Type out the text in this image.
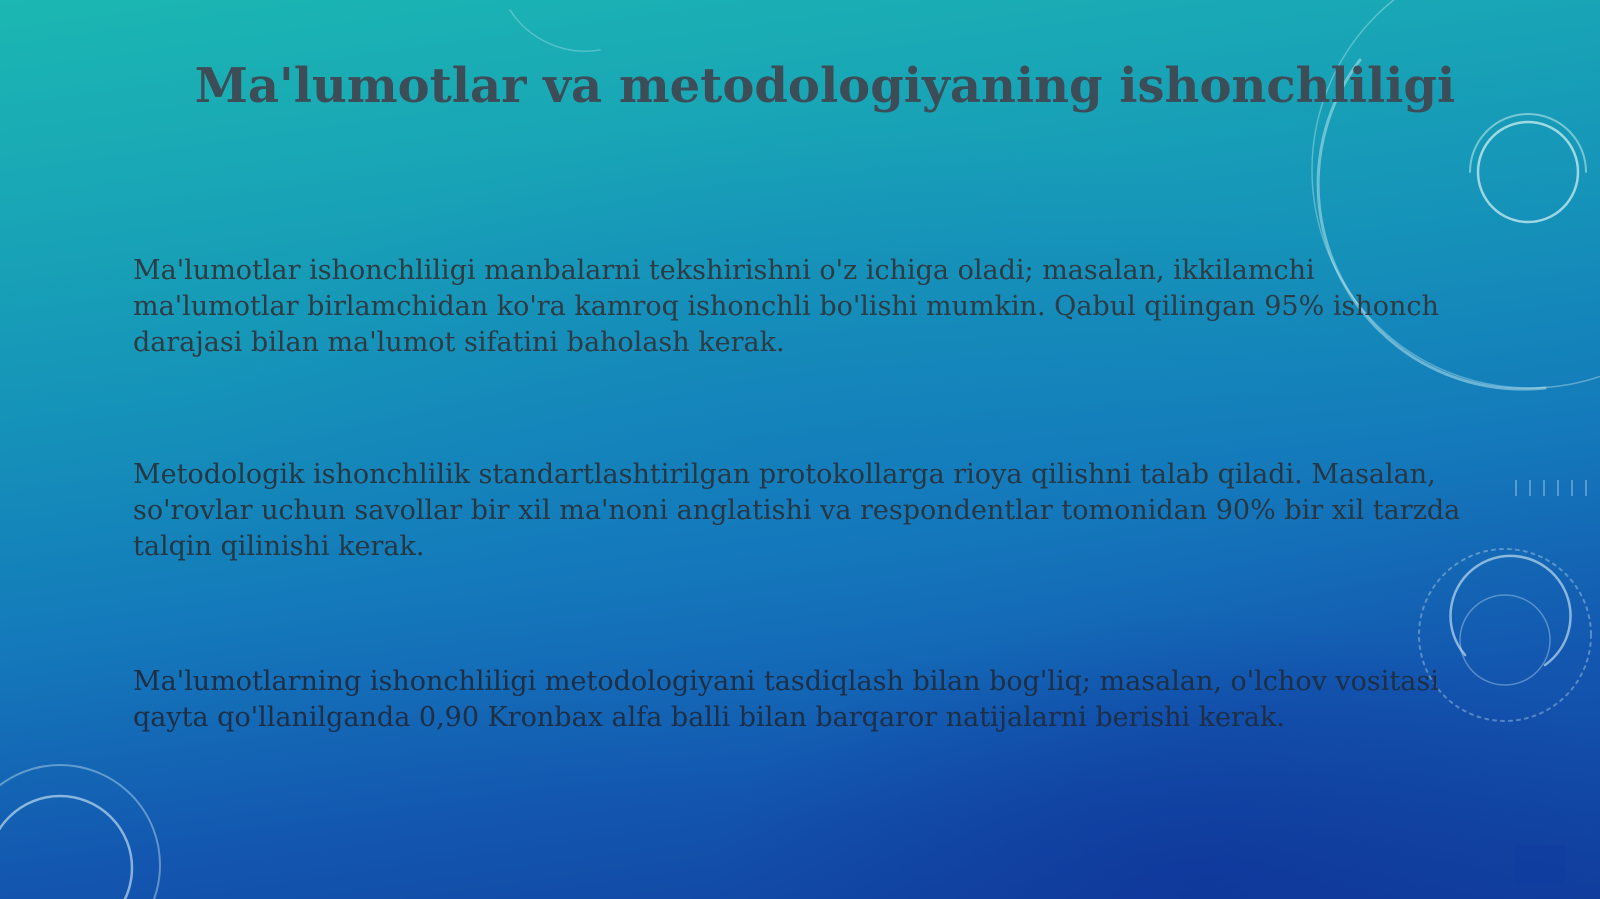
Ma'lumotlar va metodologiyaning ishonchliligi

Ma'lumotlar ishonchliligi manbalarni tekshirishni o'z ichiga oladi; masalan, ikkilamchi ma'lumotlar birlamchidan ko'ra kamroq ishonchli bo'lishi mumkin. Qabul qilingan 95% ishonch darajasi bilan ma'lumot sifatini baholash kerak.

Metodologik ishonchlilik standartlashtirilgan protokollarga rioya qilishni talab qiladi. Masalan, so'rovlar uchun savollar bir xil ma'noni anglatishi va respondentlar tomonidan 90% bir xil tarzda talqin qilinishi kerak.

Ma'lumotlarning ishonchliligi metodologiyani tasdiqlash bilan bog'liq; masalan, o'lchov vositasi qayta qo'llanilganda 0,90 Kronbax alfa balli bilan barqaror natijalarni berishi kerak.
